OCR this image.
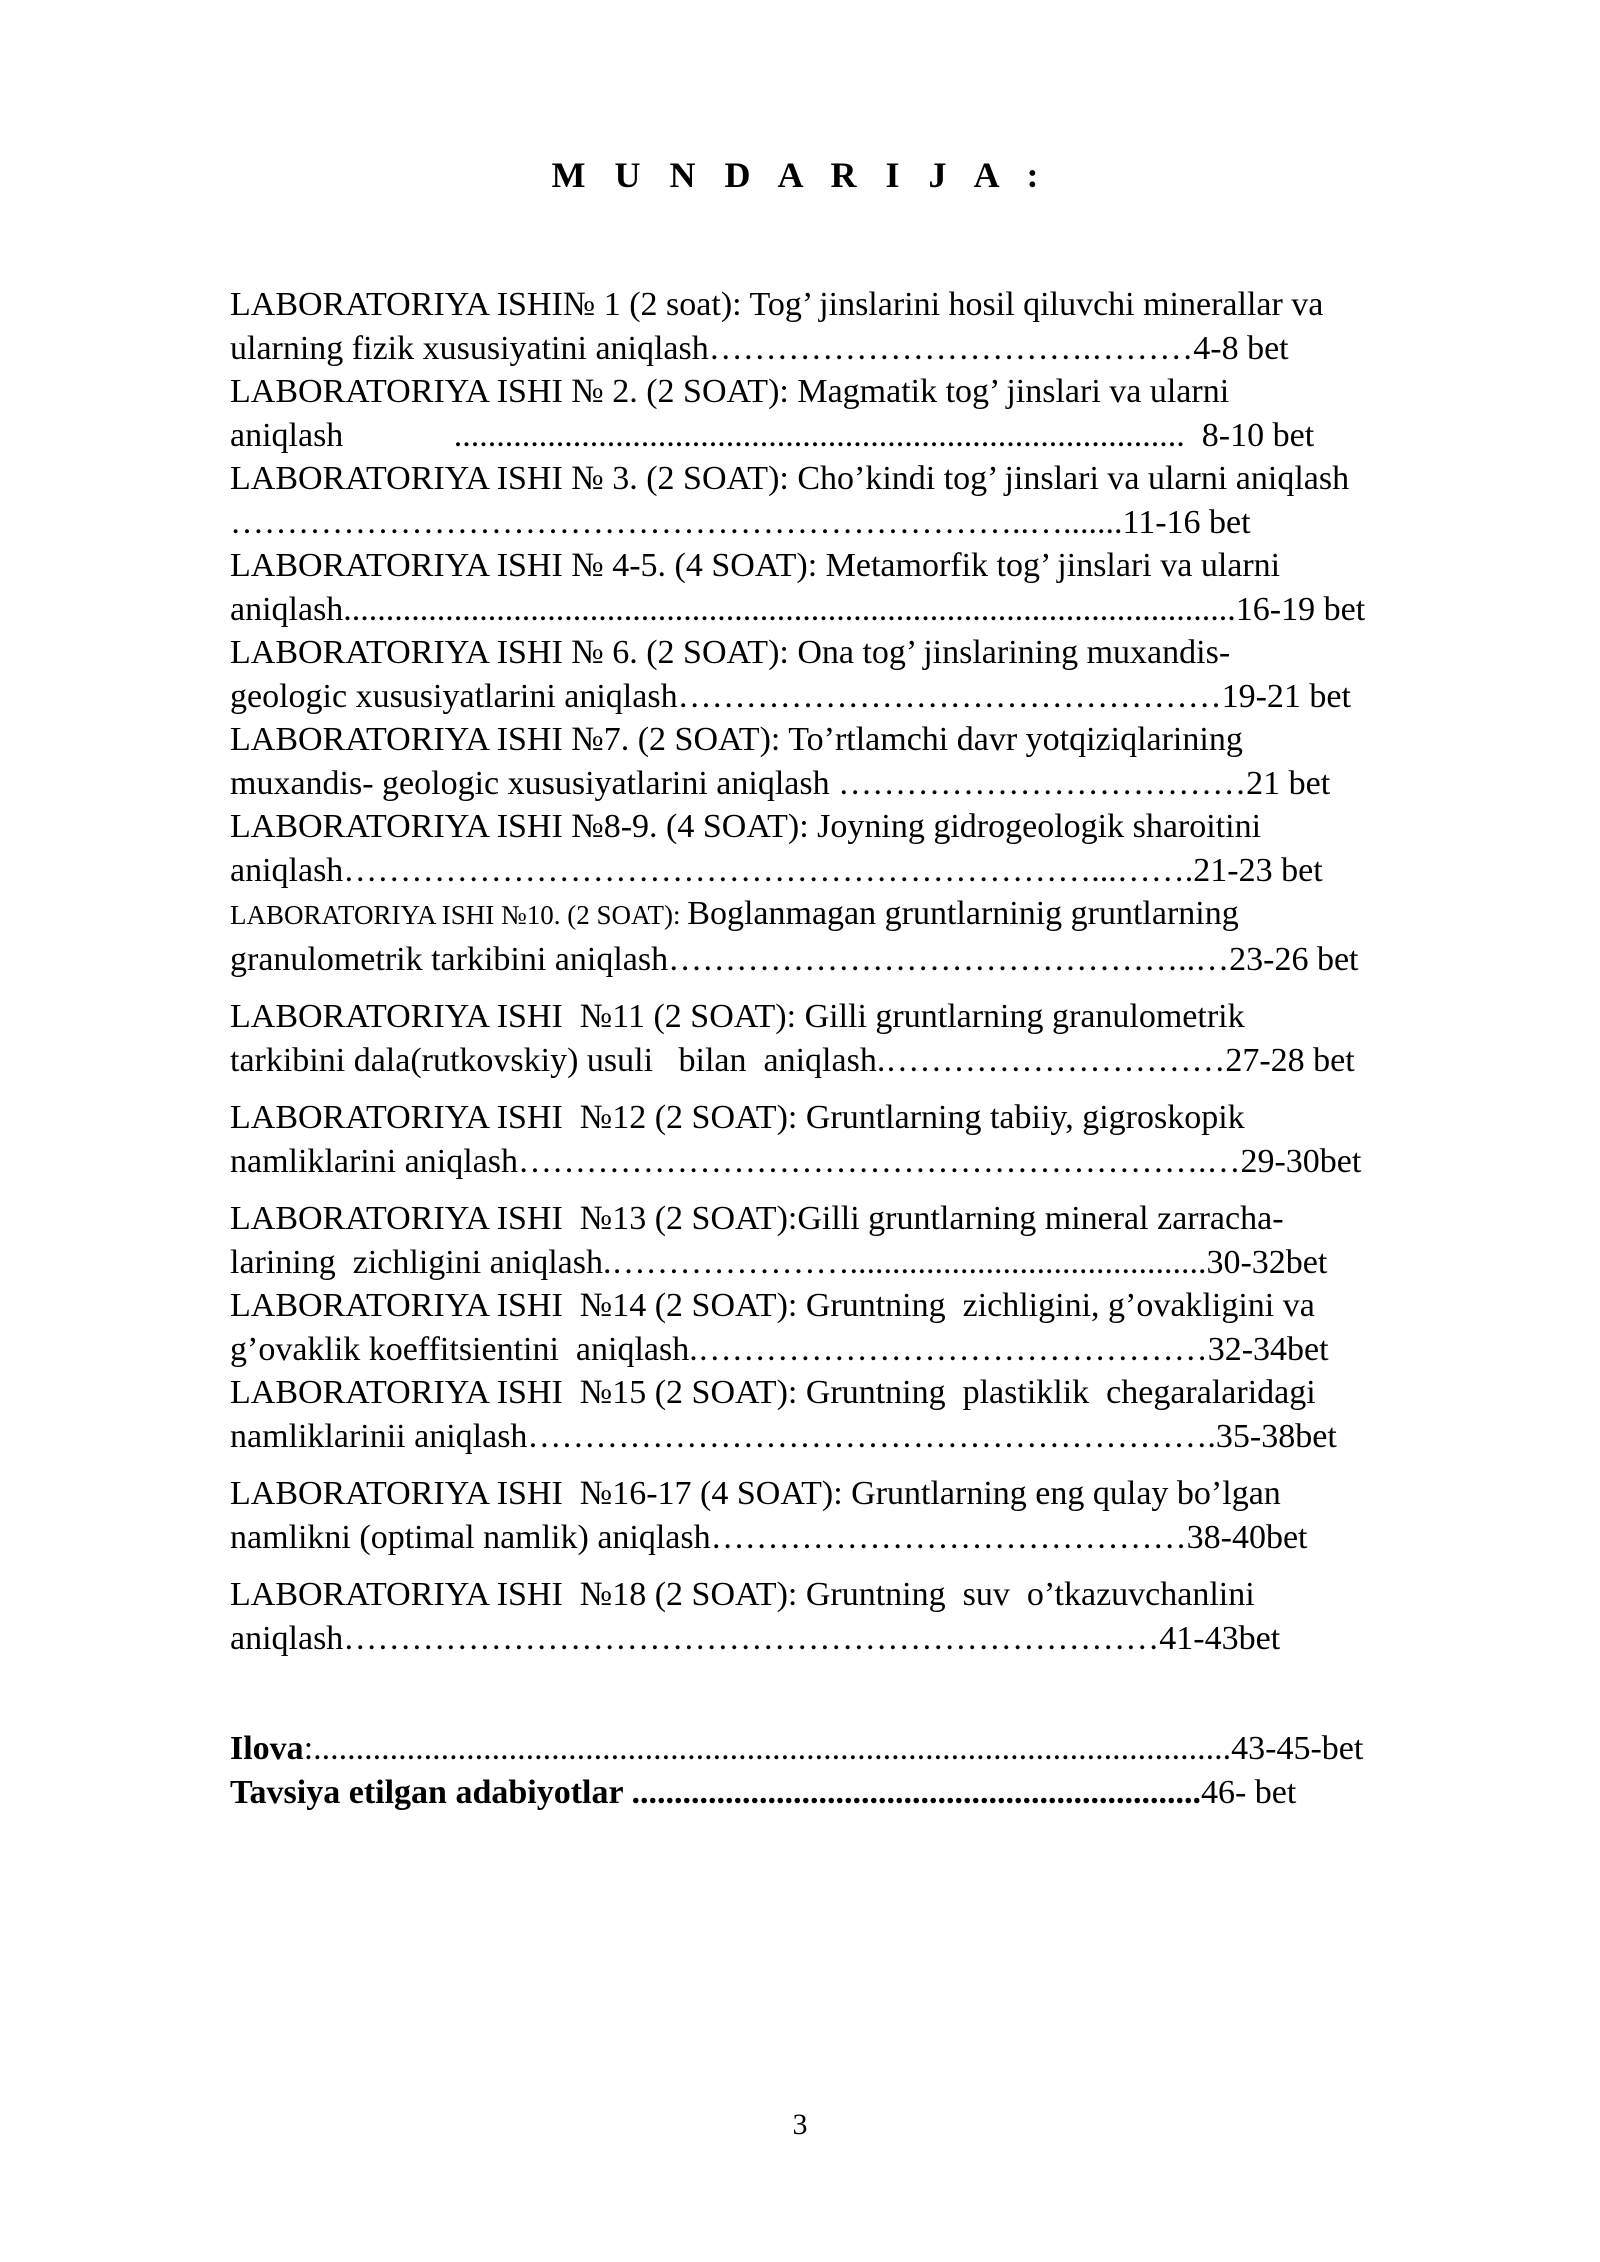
M U N D A R I J A :
LABORATORIYA ISHI№ 1 (2 soat): Tog’ jinslarini hosil qiluvchi minerallar va
ularning fizik xususiyatini aniqlash…………………………….………4-8 bet
LABORATORIYA ISHI № 2. (2 SOAT): Magmatik tog’ jinslari va ularni
aniqlash             ......................................................................................  8-10 bet
LABORATORIYA ISHI № 3. (2 SOAT): Cho’kindi tog’ jinslari va ularni aniqlash
……………………………………………………………..….......11-16 bet
LABORATORIYA ISHI № 4-5. (4 SOAT): Metamorfik tog’ jinslari va ularni
aniqlash.........................................................................................................16-19 bet
LABORATORIYA ISHI № 6. (2 SOAT): Ona tog’ jinslarining muxandis-
geologic xususiyatlarini aniqlash…………………………………………19-21 bet
LABORATORIYA ISHI №7. (2 SOAT): To’rtlamchi davr yotqiziqlarining
muxandis- geologic xususiyatlarini aniqlash ………………………………21 bet
LABORATORIYA ISHI №8-9. (4 SOAT): Joyning gidrogeologik sharoitini
aniqlash…………………………………………………………...…….21-23 bet
LABORATORIYA ISHI №10. (2 SOAT): Boglanmagan gruntlarninig gruntlarning
granulometrik tarkibini aniqlash………………………………………..…23-26 bet
LABORATORIYA ISHI  №11 (2 SOAT): Gilli gruntlarning granulometrik
tarkibini dala(rutkovskiy) usuli   bilan  aniqlash.…………………………27-28 bet
LABORATORIYA ISHI  №12 (2 SOAT): Gruntlarning tabiiy, gigroskopik
namliklarini aniqlash…………………………………………………….…29-30bet
LABORATORIYA ISHI  №13 (2 SOAT):Gilli gruntlarning mineral zarracha-
larining  zichligini aniqlash.…………………..........................................30-32bet
LABORATORIYA ISHI  №14 (2 SOAT): Gruntning  zichligini, g’ovakligini va
g’ovaklik koeffitsientini  aniqlash.………………………………………32-34bet
LABORATORIYA ISHI  №15 (2 SOAT): Gruntning  plastiklik  chegaralaridagi
namliklarinii aniqlash…………………………………………………….35-38bet
LABORATORIYA ISHI  №16-17 (4 SOAT): Gruntlarning eng qulay bo’lgan
namlikni (optimal namlik) aniqlash……………………………………38-40bet
LABORATORIYA ISHI  №18 (2 SOAT): Gruntning  suv  o’tkazuvchanlini
aniqlash………………………………………………………………41-43bet
Ilova:............................................................................................................43-45-bet
Tavsiya etilgan adabiyotlar ...................................................................46- bet
3
